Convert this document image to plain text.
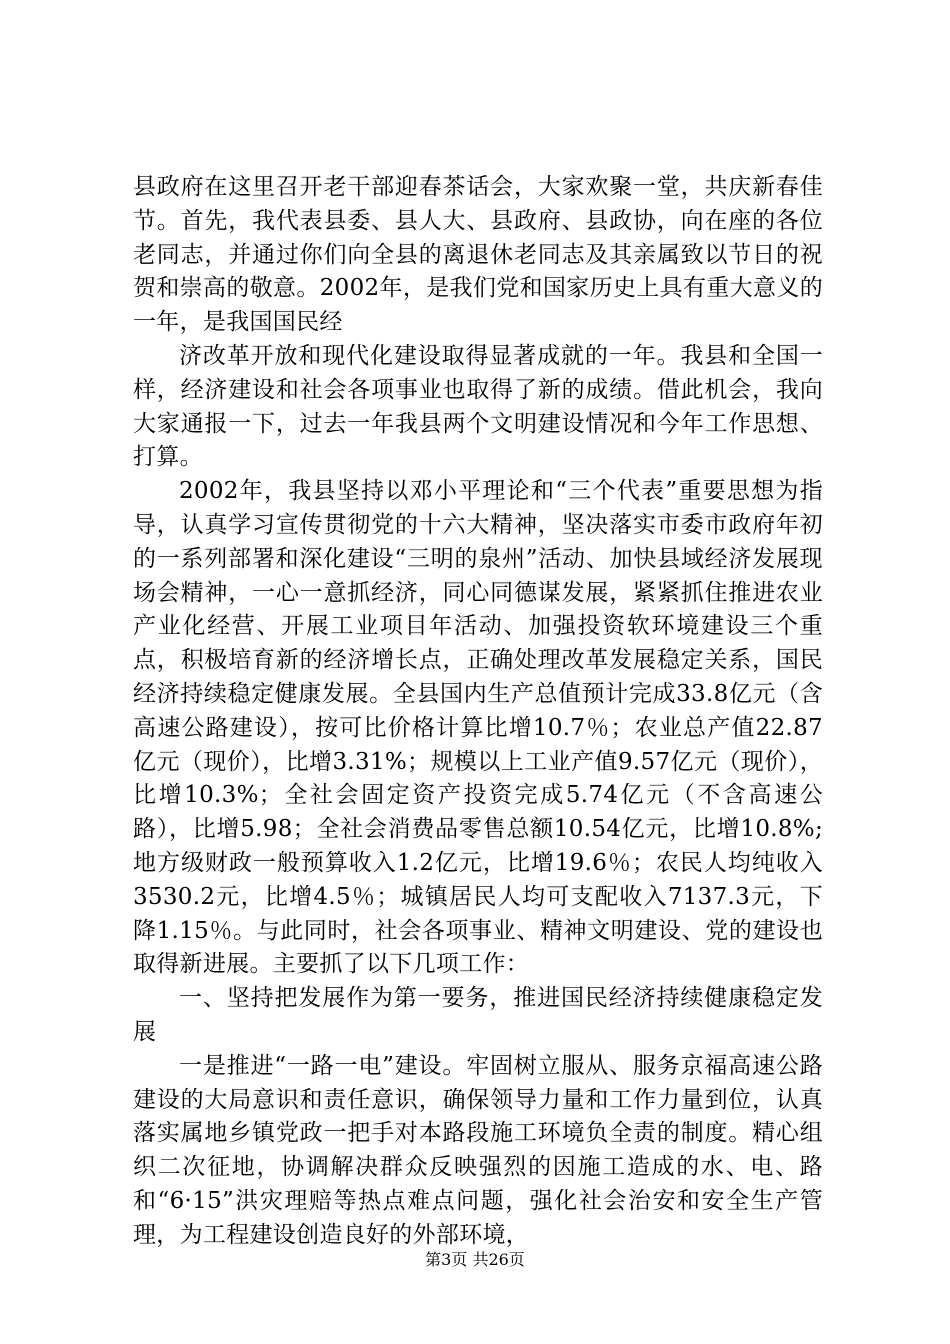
县政府在这里召开老干部迎春茶话会，大家欢聚一堂，共庆新春佳节。首先，我代表县委、县人大、县政府、县政协，向在座的各位老同志，并通过你们向全县的离退休老同志及其亲属致以节日的祝贺和崇高的敬意。2002年，是我们党和国家历史上具有重大意义的一年，是我国国民经

济改革开放和现代化建设取得显著成就的一年。我县和全国一样，经济建设和社会各项事业也取得了新的成绩。借此机会，我向大家通报一下，过去一年我县两个文明建设情况和今年工作思想、打算。

2002年，我县坚持以邓小平理论和“三个代表”重要思想为指导，认真学习宣传贯彻党的十六大精神，坚决落实市委市政府年初的一系列部署和深化建设“三明的泉州”活动、加快县域经济发展现场会精神，一心一意抓经济，同心同德谋发展，紧紧抓住推进农业产业化经营、开展工业项目年活动、加强投资软环境建设三个重点，积极培育新的经济增长点，正确处理改革发展稳定关系，国民经济持续稳定健康发展。全县国内生产总值预计完成33.8亿元（含高速公路建设），按可比价格计算比增10.7％；农业总产值22.87亿元（现价），比增3.31%；规模以上工业产值9.57亿元（现价），比增10.3%；全社会固定资产投资完成5.74亿元（不含高速公路），比增5.98；全社会消费品零售总额10.54亿元，比增10.8%;地方级财政一般预算收入1.2亿元，比增19.6％；农民人均纯收入3530.2元，比增4.5％；城镇居民人均可支配收入7137.3元，下降1.15％。与此同时，社会各项事业、精神文明建设、党的建设也取得新进展。主要抓了以下几项工作：

一、坚持把发展作为第一要务，推进国民经济持续健康稳定发展

一是推进“一路一电”建设。牢固树立服从、服务京福高速公路建设的大局意识和责任意识，确保领导力量和工作力量到位，认真落实属地乡镇党政一把手对本路段施工环境负全责的制度。精心组织二次征地，协调解决群众反映强烈的因施工造成的水、电、路和“6·15”洪灾理赔等热点难点问题，强化社会治安和安全生产管理，为工程建设创造良好的外部环境，

第3页 共26页
